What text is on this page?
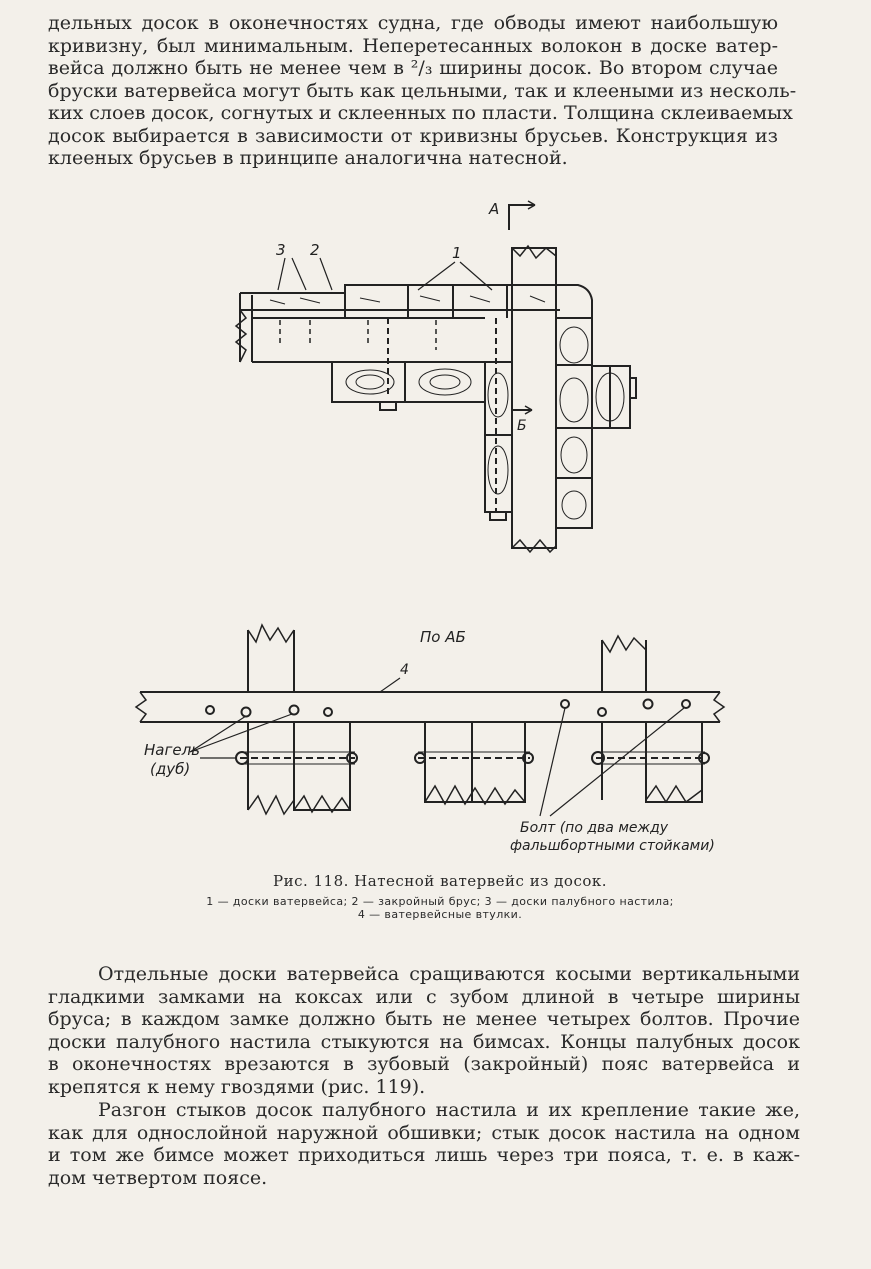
дельных досок в оконечностях судна, где обводы имеют наибольшую
кривизну, был минимальным. Неперетесанных волокон в доске ватер-
вейса должно быть не менее чем в ²/₃ ширины досок. Во втором случае
бруски ватервейса могут быть как цельными, так и клееными из несколь-
ких слоев досок, согнутых и склеенных по пласти. Толщина склеиваемых
досок выбирается в зависимости от кривизны брусьев. Конструкция из
клееных брусьев в принципе аналогична натесной.
А
Б
3 2	1
По АБ
4
Нагель
(дуб)
Болт (по два между
фальшбортными стойками)
Рис. 118. Натесной ватервейс из досок.
1 — доски ватервейса; 2 — закройный брус; 3 — доски палубного настила;
4 — ватервейсные втулки.
Отдельные доски ватервейса сращиваются косыми вертикальными
гладкими замками на коксах или с зубом длиной в четыре ширины
бруса; в каждом замке должно быть не менее четырех болтов. Прочие
доски палубного настила стыкуются на бимсах. Концы палубных досок
в оконечностях врезаются в зубовый (закройный) пояс ватервейса и
крепятся к нему гвоздями (рис. 119).
Разгон стыков досок палубного настила и их крепление такие же,
как для однослойной наружной обшивки; стык досок настила на одном
и том же бимсе может приходиться лишь через три пояса, т. е. в каж-
дом четвертом поясе.
